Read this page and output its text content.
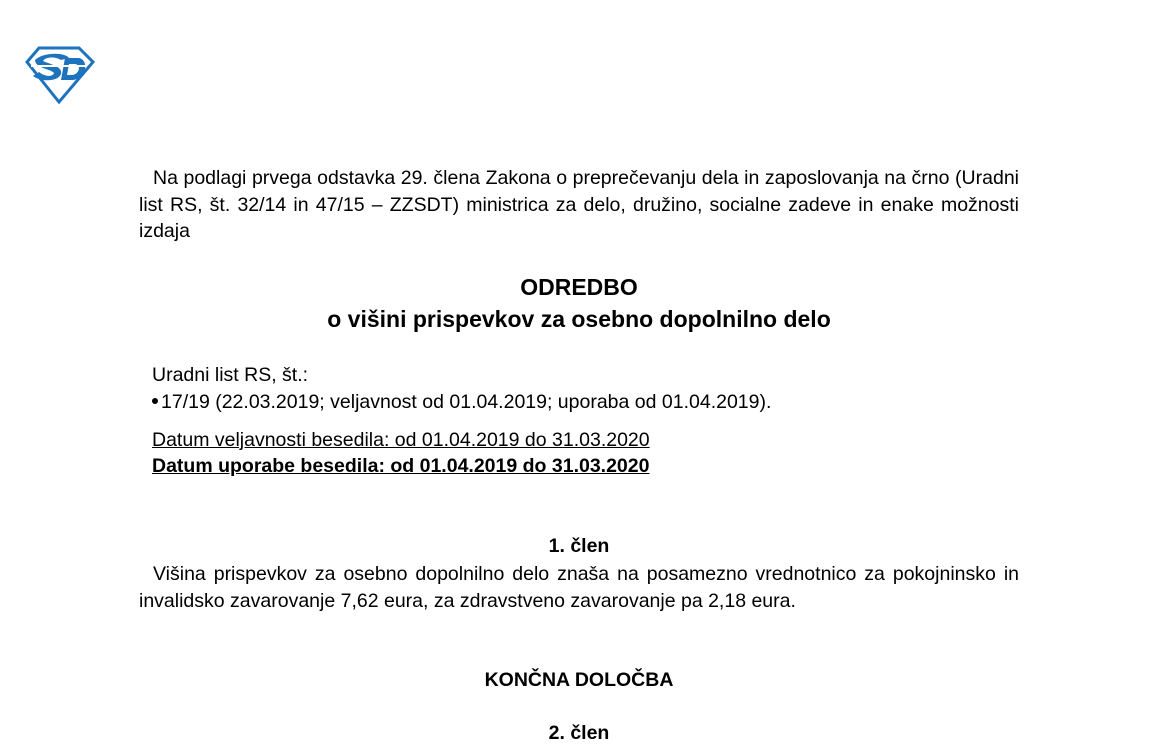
Na podlagi prvega odstavka 29. člena Zakona o preprečevanju dela in zaposlovanja na črno (Uradni list RS, št. 32/14 in 47/15 – ZZSDT) ministrica za delo, družino, socialne zadeve in enake možnosti izdaja
ODREDBO
o višini prispevkov za osebno dopolnilno delo
Uradni list RS, št.:
17/19 (22.03.2019; veljavnost od 01.04.2019; uporaba od 01.04.2019).
Datum veljavnosti besedila: od 01.04.2019 do 31.03.2020
Datum uporabe besedila: od 01.04.2019 do 31.03.2020
1. člen
Višina prispevkov za osebno dopolnilno delo znaša na posamezno vrednotnico za pokojninsko in invalidsko zavarovanje 7,62 eura, za zdravstveno zavarovanje pa 2,18 eura.
KONČNA DOLOČBA
2. člen
